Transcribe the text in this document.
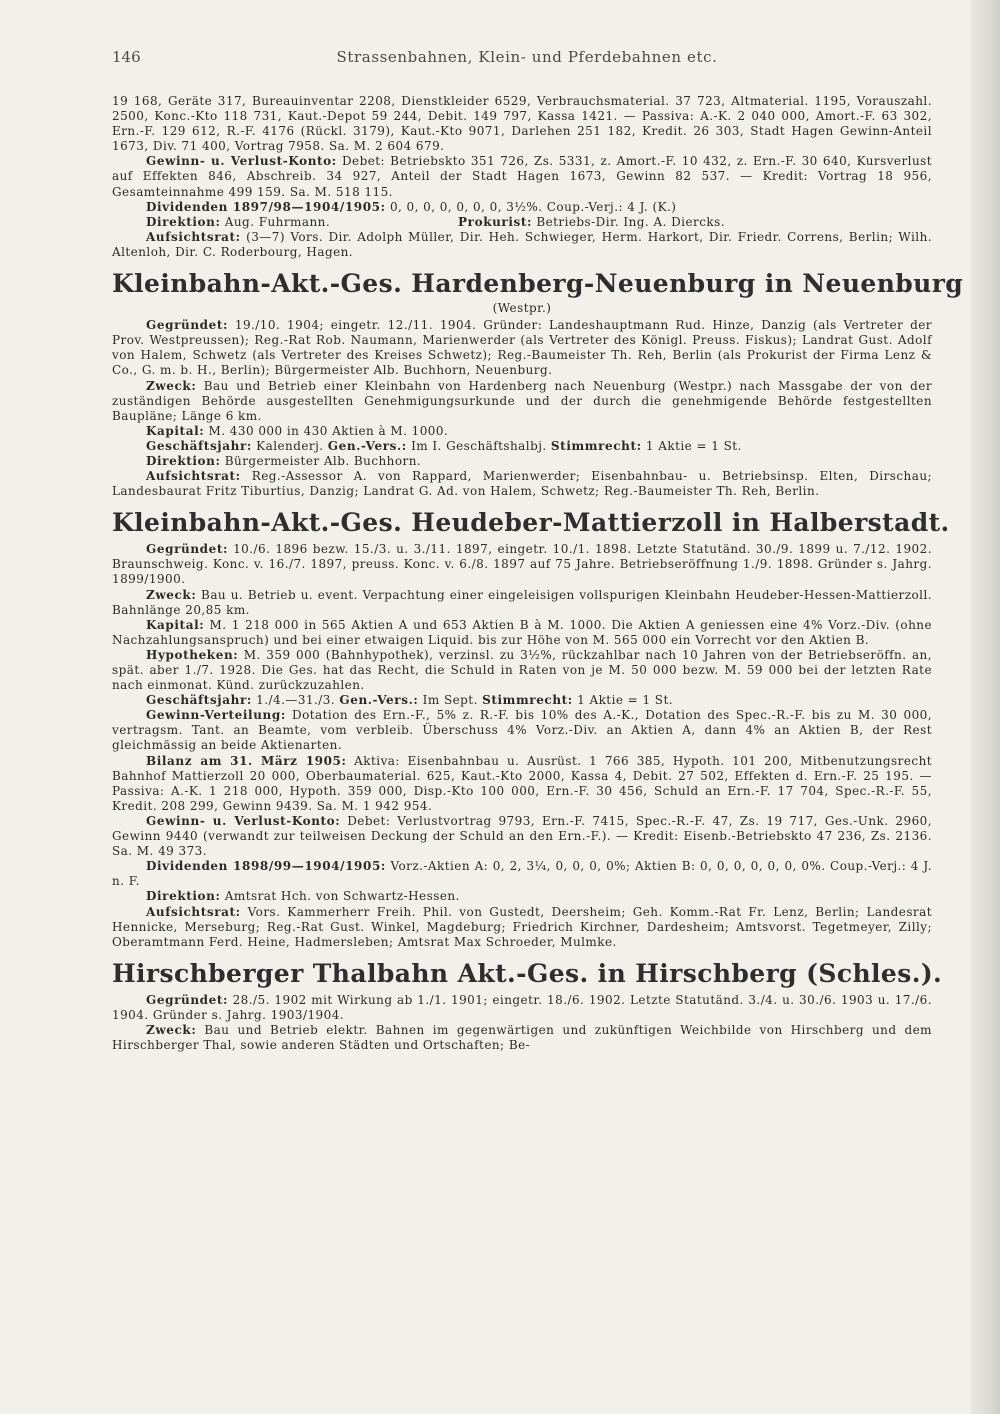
146	Strassenbahnen, Klein- und Pferdebahnen etc.

19 168, Geräte 317, Bureauinventar 2208, Dienstkleider 6529, Verbrauchsmaterial. 37 723, Altmaterial. 1195, Vorauszahl. 2500, Konc.-Kto 118 731, Kaut.-Depot 59 244, Debit. 149 797, Kassa 1421. — Passiva: A.-K. 2 040 000, Amort.-F. 63 302, Ern.-F. 129 612, R.-F. 4176 (Rückl. 3179), Kaut.-Kto 9071, Darlehen 251 182, Kredit. 26 303, Stadt Hagen Gewinn-Anteil 1673, Div. 71 400, Vortrag 7958. Sa. M. 2 604 679.

Gewinn- u. Verlust-Konto: Debet: Betriebskto 351 726, Zs. 5331, z. Amort.-F. 10 432, z. Ern.-F. 30 640, Kursverlust auf Effekten 846, Abschreib. 34 927, Anteil der Stadt Hagen 1673, Gewinn 82 537. — Kredit: Vortrag 18 956, Gesamteinnahme 499 159. Sa. M. 518 115.

Dividenden 1897/98—1904/1905: 0, 0, 0, 0, 0, 0, 0, 3½%. Coup.-Verj.: 4 J. (K.)

Direktion: Aug. Fuhrmann.	Prokurist: Betriebs-Dir. Ing. A. Diercks.

Aufsichtsrat: (3—7) Vors. Dir. Adolph Müller, Dir. Heh. Schwieger, Herm. Harkort, Dir. Friedr. Correns, Berlin; Wilh. Altenloh, Dir. C. Roderbourg, Hagen.

Kleinbahn-Akt.-Ges. Hardenberg-Neuenburg in Neuenburg
(Westpr.)

Gegründet: 19./10. 1904; eingetr. 12./11. 1904. Gründer: Landeshauptmann Rud. Hinze, Danzig (als Vertreter der Prov. Westpreussen); Reg.-Rat Rob. Naumann, Marienwerder (als Vertreter des Königl. Preuss. Fiskus); Landrat Gust. Adolf von Halem, Schwetz (als Vertreter des Kreises Schwetz); Reg.-Baumeister Th. Reh, Berlin (als Prokurist der Firma Lenz & Co., G. m. b. H., Berlin); Bürgermeister Alb. Buchhorn, Neuenburg.

Zweck: Bau und Betrieb einer Kleinbahn von Hardenberg nach Neuenburg (Westpr.) nach Massgabe der von der zuständigen Behörde ausgestellten Genehmigungsurkunde und der durch die genehmigende Behörde festgestellten Baupläne; Länge 6 km.

Kapital: M. 430 000 in 430 Aktien à M. 1000.

Geschäftsjahr: Kalenderj. Gen.-Vers.: Im I. Geschäftshalbj. Stimmrecht: 1 Aktie = 1 St.

Direktion: Bürgermeister Alb. Buchhorn.

Aufsichtsrat: Reg.-Assessor A. von Rappard, Marienwerder; Eisenbahnbau- u. Betriebsinsp. Elten, Dirschau; Landesbaurat Fritz Tiburtius, Danzig; Landrat G. Ad. von Halem, Schwetz; Reg.-Baumeister Th. Reh, Berlin.

Kleinbahn-Akt.-Ges. Heudeber-Mattierzoll in Halberstadt.

Gegründet: 10./6. 1896 bezw. 15./3. u. 3./11. 1897, eingetr. 10./1. 1898. Letzte Statutänd. 30./9. 1899 u. 7./12. 1902. Braunschweig. Konc. v. 16./7. 1897, preuss. Konc. v. 6./8. 1897 auf 75 Jahre. Betriebseröffnung 1./9. 1898. Gründer s. Jahrg. 1899/1900.

Zweck: Bau u. Betrieb u. event. Verpachtung einer eingeleisigen vollspurigen Kleinbahn Heudeber-Hessen-Mattierzoll. Bahnlänge 20,85 km.

Kapital: M. 1 218 000 in 565 Aktien A und 653 Aktien B à M. 1000. Die Aktien A geniessen eine 4% Vorz.-Div. (ohne Nachzahlungsanspruch) und bei einer etwaigen Liquid. bis zur Höhe von M. 565 000 ein Vorrecht vor den Aktien B.

Hypotheken: M. 359 000 (Bahnhypothek), verzinsl. zu 3½%, rückzahlbar nach 10 Jahren von der Betriebseröffn. an, spät. aber 1./7. 1928. Die Ges. hat das Recht, die Schuld in Raten von je M. 50 000 bezw. M. 59 000 bei der letzten Rate nach einmonat. Künd. zurückzuzahlen.

Geschäftsjahr: 1./4.—31./3. Gen.-Vers.: Im Sept. Stimmrecht: 1 Aktie = 1 St.

Gewinn-Verteilung: Dotation des Ern.-F., 5% z. R.-F. bis 10% des A.-K., Dotation des Spec.-R.-F. bis zu M. 30 000, vertragsm. Tant. an Beamte, vom verbleib. Überschuss 4% Vorz.-Div. an Aktien A, dann 4% an Aktien B, der Rest gleichmässig an beide Aktienarten.

Bilanz am 31. März 1905: Aktiva: Eisenbahnbau u. Ausrüst. 1 766 385, Hypoth. 101 200, Mitbenutzungsrecht Bahnhof Mattierzoll 20 000, Oberbaumaterial. 625, Kaut.-Kto 2000, Kassa 4, Debit. 27 502, Effekten d. Ern.-F. 25 195. — Passiva: A.-K. 1 218 000, Hypoth. 359 000, Disp.-Kto 100 000, Ern.-F. 30 456, Schuld an Ern.-F. 17 704, Spec.-R.-F. 55, Kredit. 208 299, Gewinn 9439. Sa. M. 1 942 954.

Gewinn- u. Verlust-Konto: Debet: Verlustvortrag 9793, Ern.-F. 7415, Spec.-R.-F. 47, Zs. 19 717, Ges.-Unk. 2960, Gewinn 9440 (verwandt zur teilweisen Deckung der Schuld an den Ern.-F.). — Kredit: Eisenb.-Betriebskto 47 236, Zs. 2136. Sa. M. 49 373.

Dividenden 1898/99—1904/1905: Vorz.-Aktien A: 0, 2, 3¼, 0, 0, 0, 0%; Aktien B: 0, 0, 0, 0, 0, 0, 0%. Coup.-Verj.: 4 J. n. F.

Direktion: Amtsrat Hch. von Schwartz-Hessen.

Aufsichtsrat: Vors. Kammerherr Freih. Phil. von Gustedt, Deersheim; Geh. Komm.-Rat Fr. Lenz, Berlin; Landesrat Hennicke, Merseburg; Reg.-Rat Gust. Winkel, Magdeburg; Friedrich Kirchner, Dardesheim; Amtsvorst. Tegetmeyer, Zilly; Oberamtmann Ferd. Heine, Hadmersleben; Amtsrat Max Schroeder, Mulmke.

Hirschberger Thalbahn Akt.-Ges. in Hirschberg (Schles.).

Gegründet: 28./5. 1902 mit Wirkung ab 1./1. 1901; eingetr. 18./6. 1902. Letzte Statutänd. 3./4. u. 30./6. 1903 u. 17./6. 1904. Gründer s. Jahrg. 1903/1904.

Zweck: Bau und Betrieb elektr. Bahnen im gegenwärtigen und zukünftigen Weichbilde von Hirschberg und dem Hirschberger Thal, sowie anderen Städten und Ortschaften; Be-
